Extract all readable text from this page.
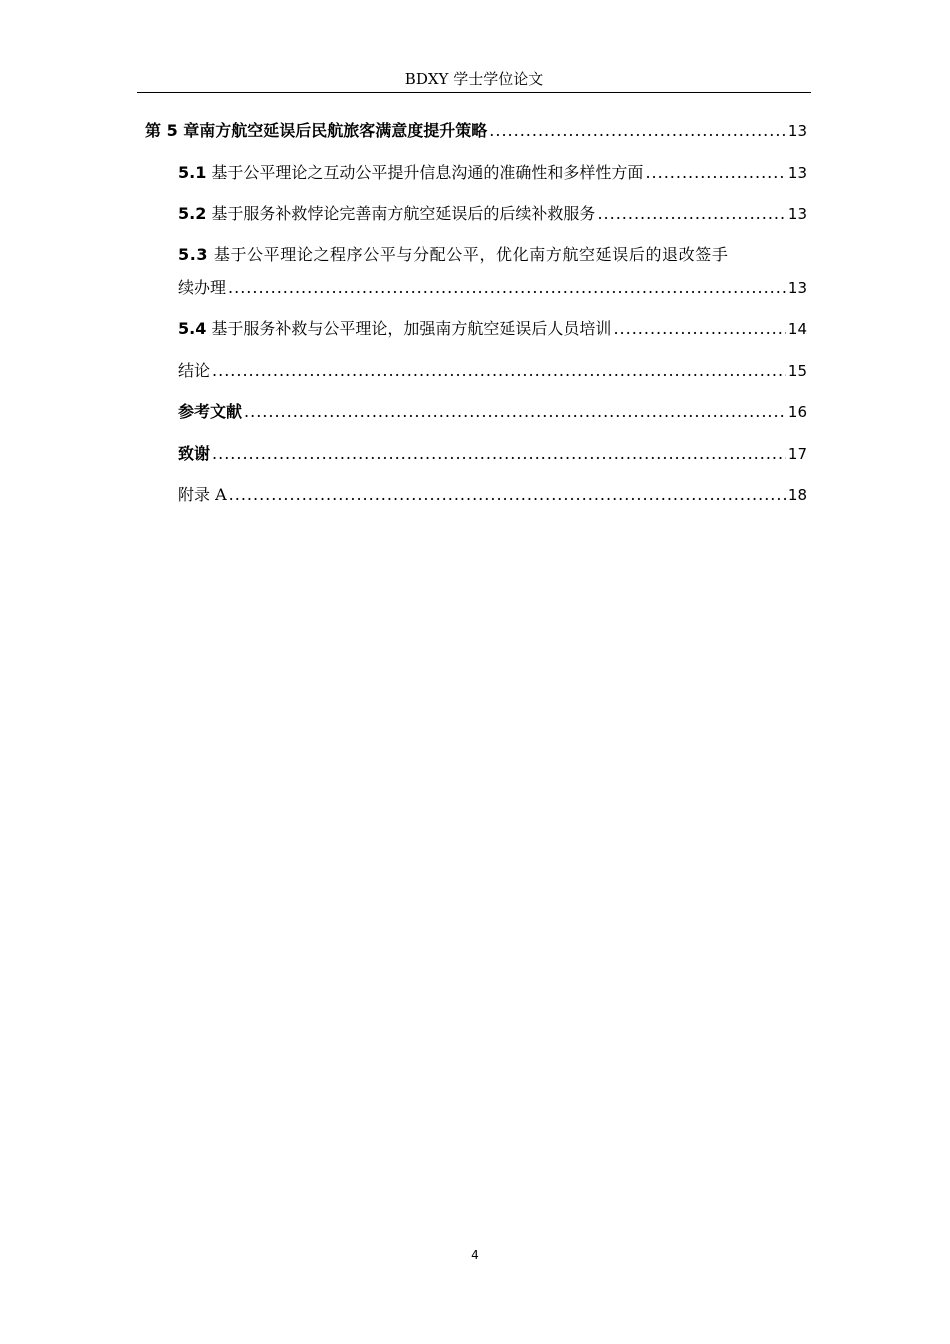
BDXY 学士学位论文
第 5 章南方航空延误后民航旅客满意度提升策略 .....	13
5.1 基于公平理论之互动公平提升信息沟通的准确性和多样性方面 .....	13
5.2 基于服务补救悖论完善南方航空延误后的后续补救服务 .....	13
5.3 基于公平理论之程序公平与分配公平，优化南方航空延误后的退改签手
续办理 .....	13
5.4 基于服务补救与公平理论，加强南方航空延误后人员培训 .....	14
结论 .....	15
参考文献 .....	16
致谢 .....	17
附录 A .....	18
4
